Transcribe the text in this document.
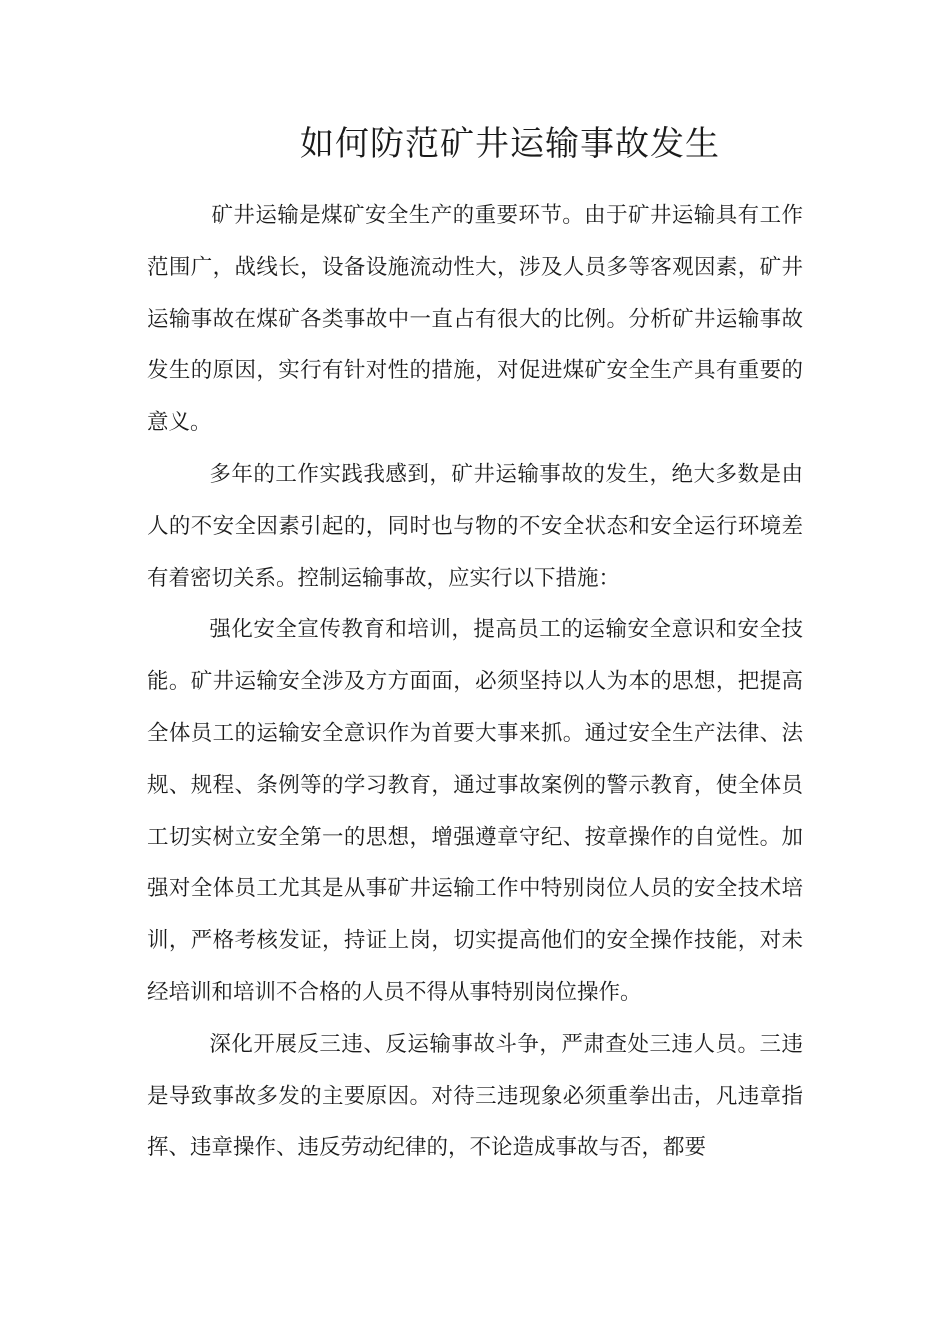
如何防范矿井运输事故发生

矿井运输是煤矿安全生产的重要环节。由于矿井运输具有工作范围广，战线长，设备设施流动性大，涉及人员多等客观因素，矿井运输事故在煤矿各类事故中一直占有很大的比例。分析矿井运输事故发生的原因，实行有针对性的措施，对促进煤矿安全生产具有重要的意义。

多年的工作实践我感到，矿井运输事故的发生，绝大多数是由人的不安全因素引起的，同时也与物的不安全状态和安全运行环境差有着密切关系。控制运输事故，应实行以下措施：

强化安全宣传教育和培训，提高员工的运输安全意识和安全技能。矿井运输安全涉及方方面面，必须坚持以人为本的思想，把提高全体员工的运输安全意识作为首要大事来抓。通过安全生产法律、法规、规程、条例等的学习教育，通过事故案例的警示教育，使全体员工切实树立安全第一的思想，增强遵章守纪、按章操作的自觉性。加强对全体员工尤其是从事矿井运输工作中特别岗位人员的安全技术培训，严格考核发证，持证上岗，切实提高他们的安全操作技能，对未经培训和培训不合格的人员不得从事特别岗位操作。

深化开展反三违、反运输事故斗争，严肃查处三违人员。三违是导致事故多发的主要原因。对待三违现象必须重拳出击，凡违章指挥、违章操作、违反劳动纪律的，不论造成事故与否，都要
